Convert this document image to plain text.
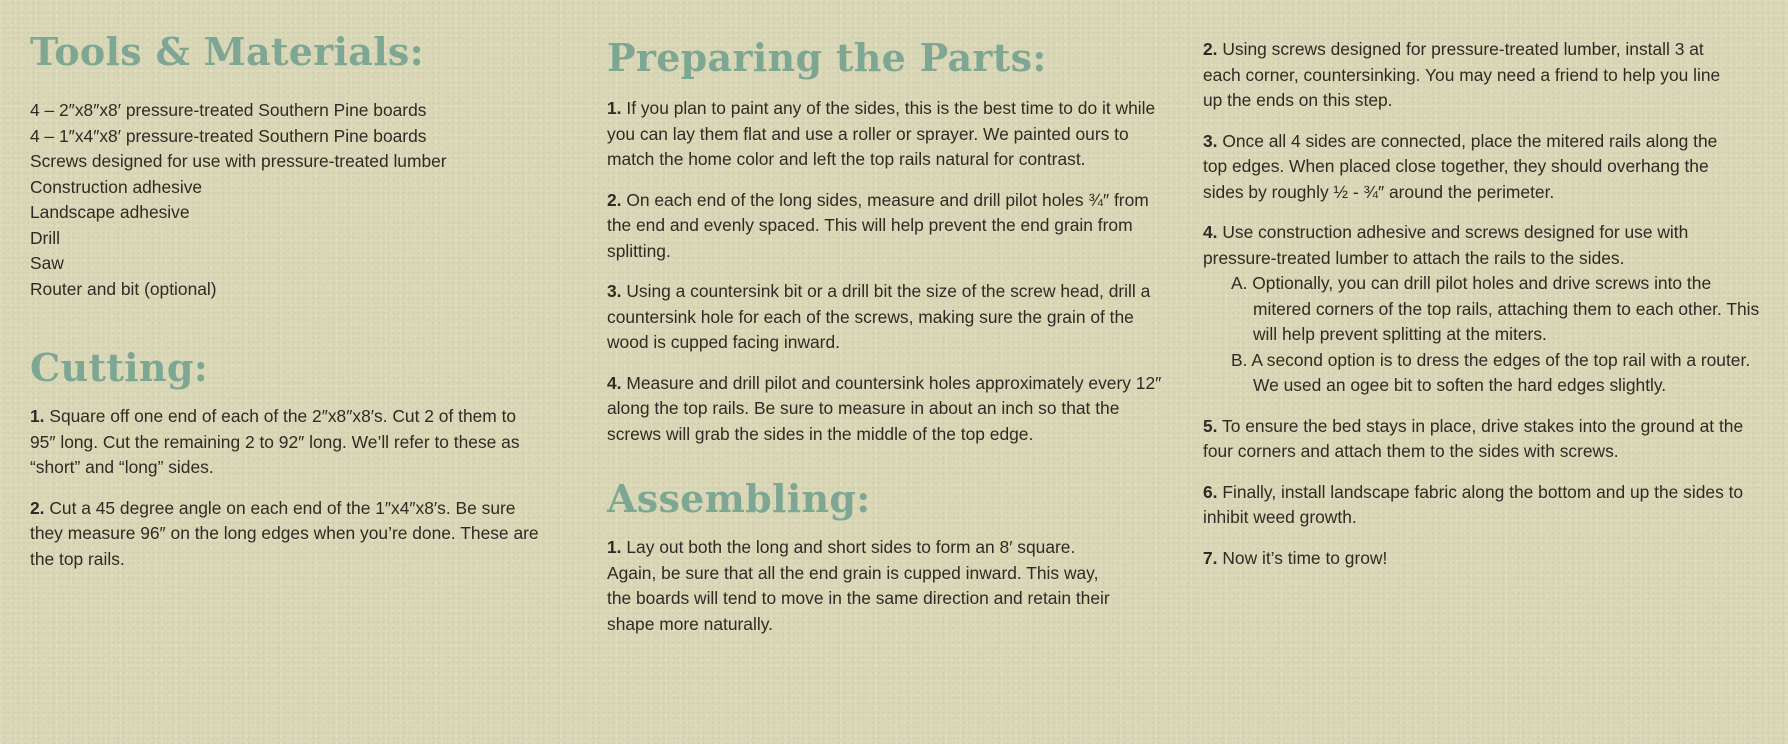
Tools & Materials:
4 – 2″x8″x8′ pressure-treated Southern Pine boards
4 – 1″x4″x8′ pressure-treated Southern Pine boards
Screws designed for use with pressure-treated lumber
Construction adhesive
Landscape adhesive
Drill
Saw
Router and bit (optional)
Cutting:

1. Square off one end of each of the 2″x8″x8′s. Cut 2 of them to 95″ long. Cut the remaining 2 to 92″ long. We’ll refer to these as “short” and “long” sides.

2. Cut a 45 degree angle on each end of the 1″x4″x8′s. Be sure they measure 96″ on the long edges when you’re done. These are the top rails.

Preparing the Parts:

1. If you plan to paint any of the sides, this is the best time to do it while you can lay them flat and use a roller or sprayer. We painted ours to match the home color and left the top rails natural for contrast.

2. On each end of the long sides, measure and drill pilot holes ¾″ from the end and evenly spaced. This will help prevent the end grain from splitting.

3. Using a countersink bit or a drill bit the size of the screw head, drill a countersink hole for each of the screws, making sure the grain of the wood is cupped facing inward.

4. Measure and drill pilot and countersink holes approximately every 12″ along the top rails. Be sure to measure in about an inch so that the screws will grab the sides in the middle of the top edge.

Assembling:

1. Lay out both the long and short sides to form an 8′ square. Again, be sure that all the end grain is cupped inward. This way, the boards will tend to move in the same direction and retain their shape more naturally.

2. Using screws designed for pressure-treated lumber, install 3 at each corner, countersinking. You may need a friend to help you line up the ends on this step.

3. Once all 4 sides are connected, place the mitered rails along the top edges. When placed close together, they should overhang the sides by roughly ½ - ¾″ around the perimeter.

4. Use construction adhesive and screws designed for use with pressure-treated lumber to attach the rails to the sides.

A. Optionally, you can drill pilot holes and drive screws into the mitered corners of the top rails, attaching them to each other. This will help prevent splitting at the miters.

B. A second option is to dress the edges of the top rail with a router. We used an ogee bit to soften the hard edges slightly.

5. To ensure the bed stays in place, drive stakes into the ground at the four corners and attach them to the sides with screws.

6. Finally, install landscape fabric along the bottom and up the sides to inhibit weed growth.

7. Now it’s time to grow!
